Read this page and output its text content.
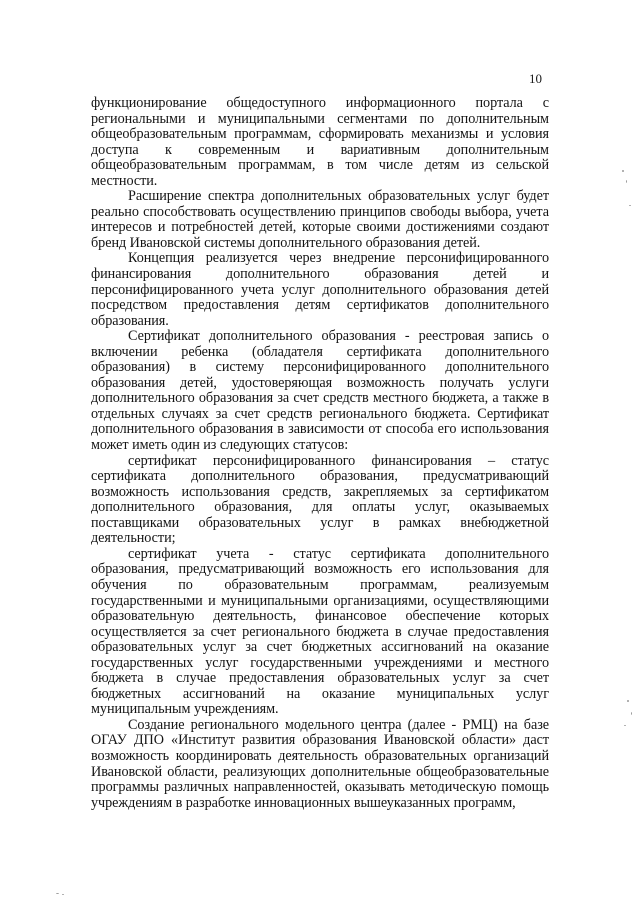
10

функционирование общедоступного информационного портала с региональными и муниципальными сегментами по дополнительным общеобразовательным программам, сформировать механизмы и условия доступа к современным и вариативным дополнительным общеобразовательным программам, в том числе детям из сельской местности.

Расширение спектра дополнительных образовательных услуг будет реально способствовать осуществлению принципов свободы выбора, учета интересов и потребностей детей, которые своими достижениями создают бренд Ивановской системы дополнительного образования детей.

Концепция реализуется через внедрение персонифицированного финансирования дополнительного образования детей и персонифицированного учета услуг дополнительного образования детей посредством предоставления детям сертификатов дополнительного образования.

Сертификат дополнительного образования - реестровая запись о включении ребенка (обладателя сертификата дополнительного образования) в систему персонифицированного дополнительного образования детей, удостоверяющая возможность получать услуги дополнительного образования за счет средств местного бюджета, а также в отдельных случаях за счет средств регионального бюджета. Сертификат дополнительного образования в зависимости от способа его использования может иметь один из следующих статусов:

сертификат персонифицированного финансирования – статус сертификата дополнительного образования, предусматривающий возможность использования средств, закрепляемых за сертификатом дополнительного образования, для оплаты услуг, оказываемых поставщиками образовательных услуг в рамках внебюджетной деятельности;

сертификат учета - статус сертификата дополнительного образования, предусматривающий возможность его использования для обучения по образовательным программам, реализуемым государственными и муниципальными организациями, осуществляющими образовательную деятельность, финансовое обеспечение которых осуществляется за счет регионального бюджета в случае предоставления образовательных услуг за счет бюджетных ассигнований на оказание государственных услуг государственными учреждениями и местного бюджета в случае предоставления образовательных услуг за счет бюджетных ассигнований на оказание муниципальных услуг муниципальным учреждениям.

Создание регионального модельного центра (далее - РМЦ) на базе ОГАУ ДПО «Институт развития образования Ивановской области» даст возможность координировать деятельность образовательных организаций Ивановской области, реализующих дополнительные общеобразовательные программы различных направленностей, оказывать методическую помощь учреждениям в разработке инновационных вышеуказанных программ,
